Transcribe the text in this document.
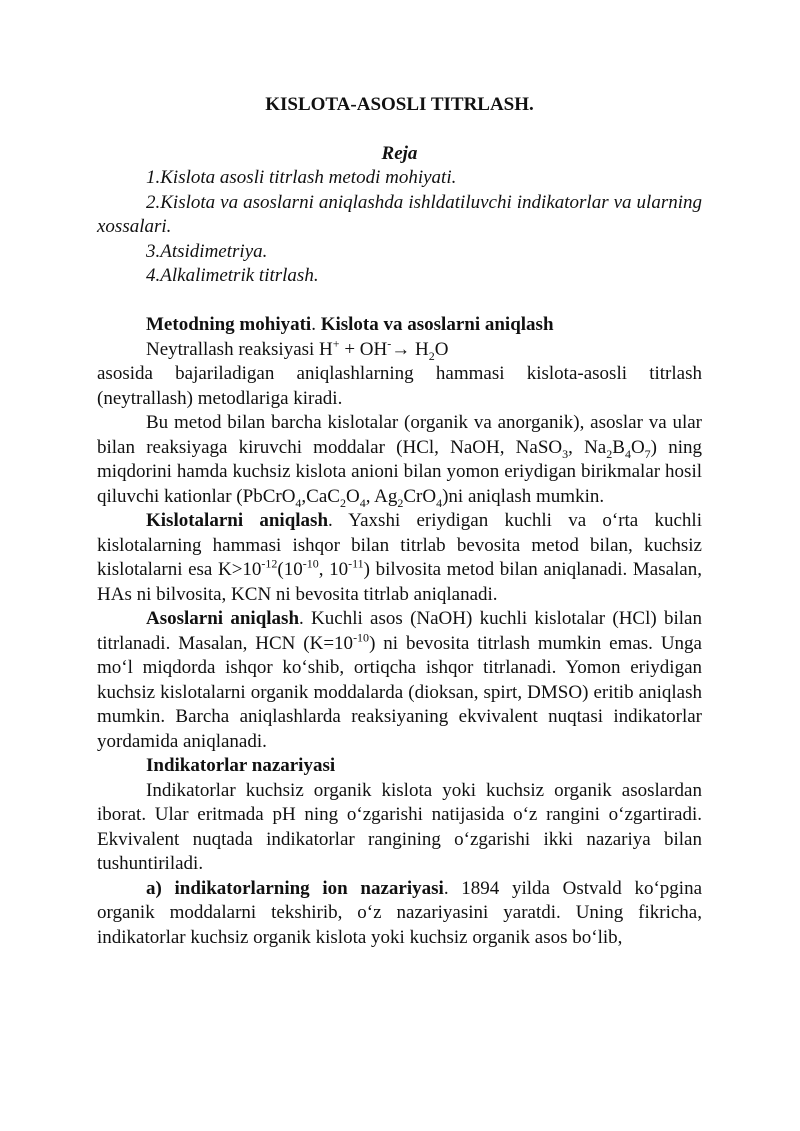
KISLOTA-ASOSLI TITRLASH.

Reja

1.Kislota asosli titrlash metodi mohiyati.

2.Kislota va asoslarni aniqlashda ishldatiluvchi indikatorlar va ularning xossalari.

3.Atsidimetriya.

4.Alkalimetrik titrlash.

Metodning mohiyati. Kislota va asoslarni aniqlash

Neytrallash reaksiyasi $H^+ + OH^-\to H_2O$

asosida bajariladigan aniqlashlarning hammasi kislota-asosli titrlash (neytrallash) metodlariga kiradi.

Bu metod bilan barcha kislotalar (organik va anorganik), asoslar va ular bilan reaksiyaga kiruvchi moddalar (HCl, NaOH, NaSO$_3$, $Na_2B_4O_7$) ning miqdorini hamda kuchsiz kislota anioni bilan yomon eriydigan birikmalar hosil qiluvchi kationlar ($PbCrO_4,CaC_2O_4$, $Ag_2CrO_4)ni$ aniqlash mumkin.

Kislotalarni aniqlash. Yaxshi eriydigan kuchli va o‘rta kuchli kislotalarning hammasi ishqor bilan titrlab bevosita metod bilan, kuchsiz kislotalarni esa $K>10^{-12}(10^{-10}$, $10^{-11}$) bilvosita metod bilan aniqlanadi. Masalan, HAs ni bilvosita, KCN ni bevosita titrlab aniqlanadi.

Asoslarni aniqlash. Kuchli asos (NaOH) kuchli kislotalar (HCl) bilan titrlanadi. Masalan, HCN $(K=10^{-10})$ ni bevosita titrlash mumkin emas. Unga mo‘l miqdorda ishqor ko‘shib, ortiqcha ishqor titrlanadi. Yomon eriydigan kuchsiz kislotalarni organik moddalarda (dioksan, spirt, DMSO) eritib aniqlash mumkin. Barcha aniqlashlarda reaksiyaning ekvivalent nuqtasi indikatorlar yordamida aniqlanadi.

Indikatorlar nazariyasi

Indikatorlar kuchsiz organik kislota yoki kuchsiz organik asoslardan iborat. Ular eritmada pH ning o‘zgarishi natijasida o‘z rangini o‘zgartiradi. Ekvivalent nuqtada indikatorlar rangining o‘zgarishi ikki nazariya bilan tushuntiriladi.

a) indikatorlarning ion nazariyasi. 1894 yilda Ostvald ko‘pgina organik moddalarni tekshirib, o‘z nazariyasini yaratdi. Uning fikricha, indikatorlar kuchsiz organik kislota yoki kuchsiz organik asos bo‘lib,
